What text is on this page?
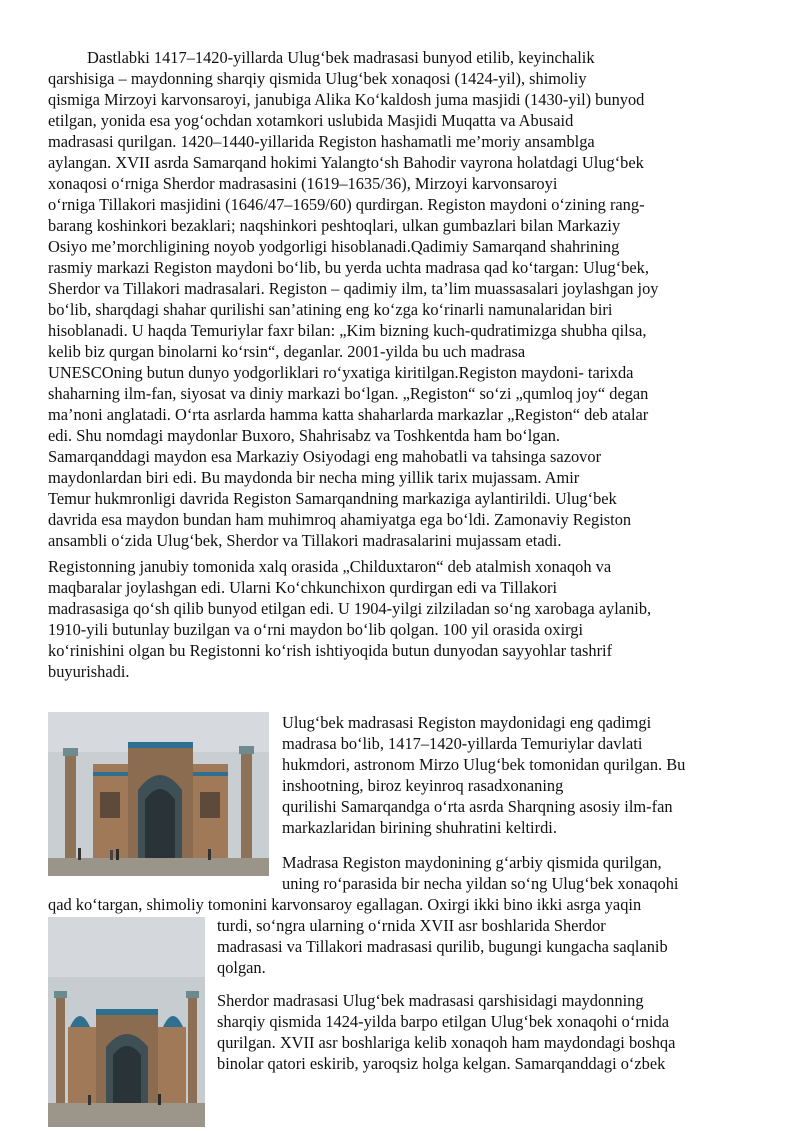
Dastlabki 1417–1420-yillarda Ulug‘bek madrasasi bunyod etilib, keyinchalik

qarshisiga – maydonning sharqiy qismida Ulug‘bek xonaqosi (1424-yil), shimoliy

qismiga Mirzoyi karvonsaroyi, janubiga Alika Ko‘kaldosh juma masjidi (1430-yil) bunyod

etilgan, yonida esa yog‘ochdan xotamkori uslubida Masjidi Muqatta va Abusaid

madrasasi qurilgan. 1420–1440-yillarida Registon hashamatli me’moriy ansamblga

aylangan. XVII asrda Samarqand hokimi Yalangto‘sh Bahodir vayrona holatdagi Ulug‘bek

xonaqosi o‘rniga Sherdor madrasasini (1619–1635/36), Mirzoyi karvonsaroyi

o‘rniga Tillakori masjidini (1646/47–1659/60) qurdirgan. Registon maydoni o‘zining rang-

barang koshinkori bezaklari; naqshinkori peshtoqlari, ulkan gumbazlari bilan Markaziy

Osiyo me’morchligining noyob yodgorligi hisoblanadi.Qadimiy Samarqand shahrining

rasmiy markazi Registon maydoni bo‘lib, bu yerda uchta madrasa qad ko‘targan: Ulug‘bek,

Sherdor va Tillakori madrasalari. Registon – qadimiy ilm, ta’lim muassasalari joylashgan joy

bo‘lib, sharqdagi shahar qurilishi san’atining eng ko‘zga ko‘rinarli namunalaridan biri

hisoblanadi. U haqda Temuriylar faxr bilan: „Kim bizning kuch-qudratimizga shubha qilsa,

kelib biz qurgan binolarni ko‘rsin“, deganlar. 2001-yilda bu uch madrasa

UNESCOning butun dunyo yodgorliklari ro‘yxatiga kiritilgan.Registon maydoni- tarixda

shaharning ilm-fan, siyosat va diniy markazi bo‘lgan. „Registon“ so‘zi „qumloq joy“ degan

ma’noni anglatadi. O‘rta asrlarda hamma katta shaharlarda markazlar „Registon“ deb atalar

edi. Shu nomdagi maydonlar Buxoro, Shahrisabz va Toshkentda ham bo‘lgan.

Samarqanddagi maydon esa Markaziy Osiyodagi eng mahobatli va tahsinga sazovor

maydonlardan biri edi. Bu maydonda bir necha ming yillik tarix mujassam. Amir

Temur hukmronligi davrida Registon Samarqandning markaziga aylantirildi. Ulug‘bek

davrida esa maydon bundan ham muhimroq ahamiyatga ega bo‘ldi. Zamonaviy Registon

ansambli o‘zida Ulug‘bek, Sherdor va Tillakori madrasalarini mujassam etadi.

Registonning janubiy tomonida xalq orasida „Childuxtaron“ deb atalmish xonaqoh va

maqbaralar joylashgan edi. Ularni Ko‘chkunchixon qurdirgan edi va Tillakori

madrasasiga qo‘sh qilib bunyod etilgan edi. U 1904-yilgi zilziladan so‘ng xarobaga aylanib,

1910-yili butunlay buzilgan va o‘rni maydon bo‘lib qolgan. 100 yil orasida oxirgi

ko‘rinishini olgan bu Registonni ko‘rish ishtiyoqida butun dunyodan sayyohlar tashrif

buyurishadi.

Ulug‘bek madrasasi Registon maydonidagi eng qadimgi

madrasa bo‘lib, 1417–1420-yillarda Temuriylar davlati

hukmdori, astronom Mirzo Ulug‘bek tomonidan qurilgan. Bu

inshootning, biroz keyinroq rasadxonaning

qurilishi Samarqandga o‘rta asrda Sharqning asosiy ilm-fan

markazlaridan birining shuhratini keltirdi.

Madrasa Registon maydonining g‘arbiy qismida qurilgan,

uning ro‘parasida bir necha yildan so‘ng Ulug‘bek xonaqohi

qad ko‘targan, shimoliy tomonini karvonsaroy egallagan. Oxirgi ikki bino ikki asrga yaqin

turdi, so‘ngra ularning o‘rnida XVII asr boshlarida Sherdor

madrasasi va Tillakori madrasasi qurilib, bugungi kungacha saqlanib

qolgan.

Sherdor madrasasi Ulug‘bek madrasasi qarshisidagi maydonning

sharqiy qismida 1424-yilda barpo etilgan Ulug‘bek xonaqohi o‘rnida

qurilgan. XVII asr boshlariga kelib xonaqoh ham maydondagi boshqa

binolar qatori eskirib, yaroqsiz holga kelgan. Samarqanddagi o‘zbek
